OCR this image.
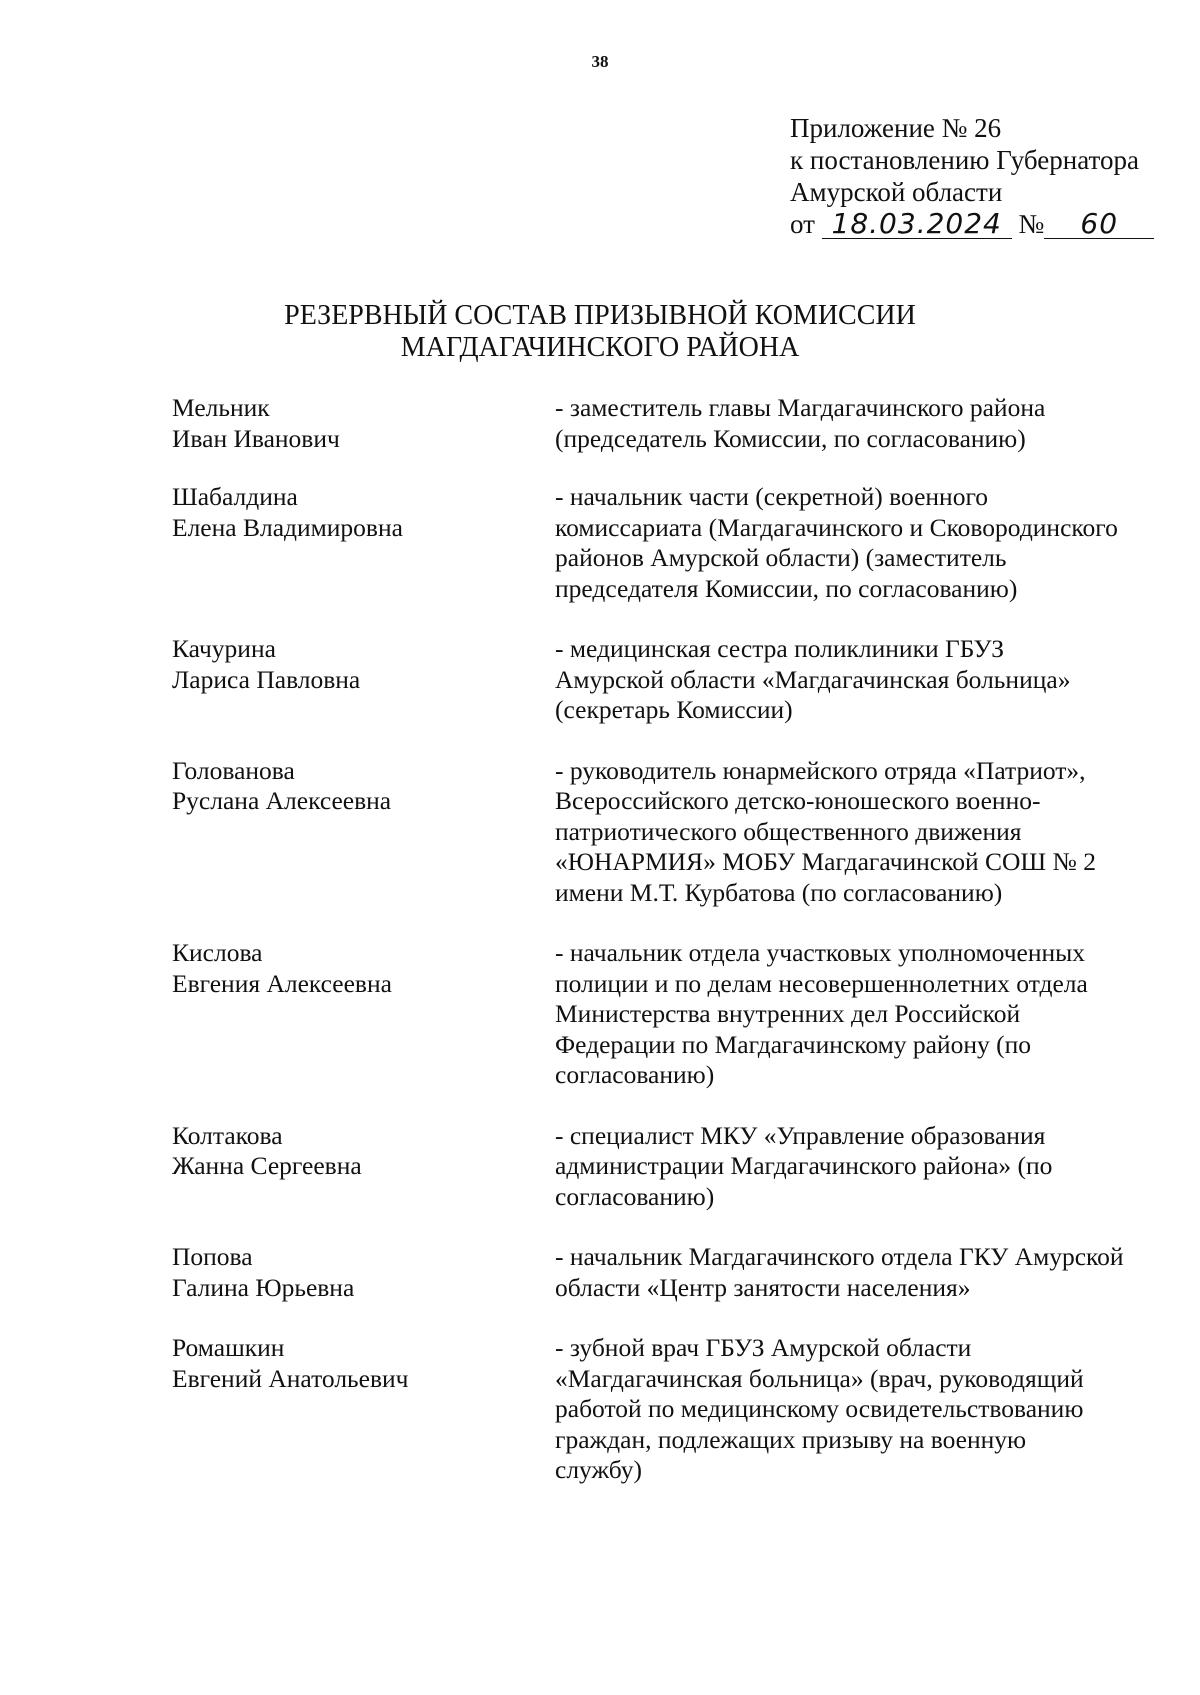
38
Приложение № 26
к постановлению Губернатора
Амурской области
от 18.03.2024 № 60
РЕЗЕРВНЫЙ СОСТАВ ПРИЗЫВНОЙ КОМИССИИ
МАГДАГАЧИНСКОГО РАЙОНА
Мельник
Иван Иванович
- заместитель главы Магдагачинского района
(председатель Комиссии, по согласованию)
Шабалдина
Елена Владимировна
- начальник части (секретной) военного
комиссариата (Магдагачинского и Сковородинского
районов Амурской области) (заместитель
председателя Комиссии, по согласованию)
Качурина
Лариса Павловна
- медицинская сестра поликлиники ГБУЗ
Амурской области «Магдагачинская больница»
(секретарь Комиссии)
Голованова
Руслана Алексеевна
- руководитель юнармейского отряда «Патриот»,
Всероссийского детско-юношеского военно-
патриотического общественного движения
«ЮНАРМИЯ» МОБУ Магдагачинской СОШ № 2
имени М.Т. Курбатова (по согласованию)
Кислова
Евгения Алексеевна
- начальник отдела участковых уполномоченных
полиции и по делам несовершеннолетних отдела
Министерства внутренних дел Российской
Федерации по Магдагачинскому району (по
согласованию)
Колтакова
Жанна Сергеевна
- специалист МКУ «Управление образования
администрации Магдагачинского района» (по
согласованию)
Попова
Галина Юрьевна
- начальник Магдагачинского отдела ГКУ Амурской
области «Центр занятости населения»
Ромашкин
Евгений Анатольевич
- зубной врач ГБУЗ Амурской области
«Магдагачинская больница» (врач, руководящий
работой по медицинскому освидетельствованию
граждан, подлежащих призыву на военную
службу)
